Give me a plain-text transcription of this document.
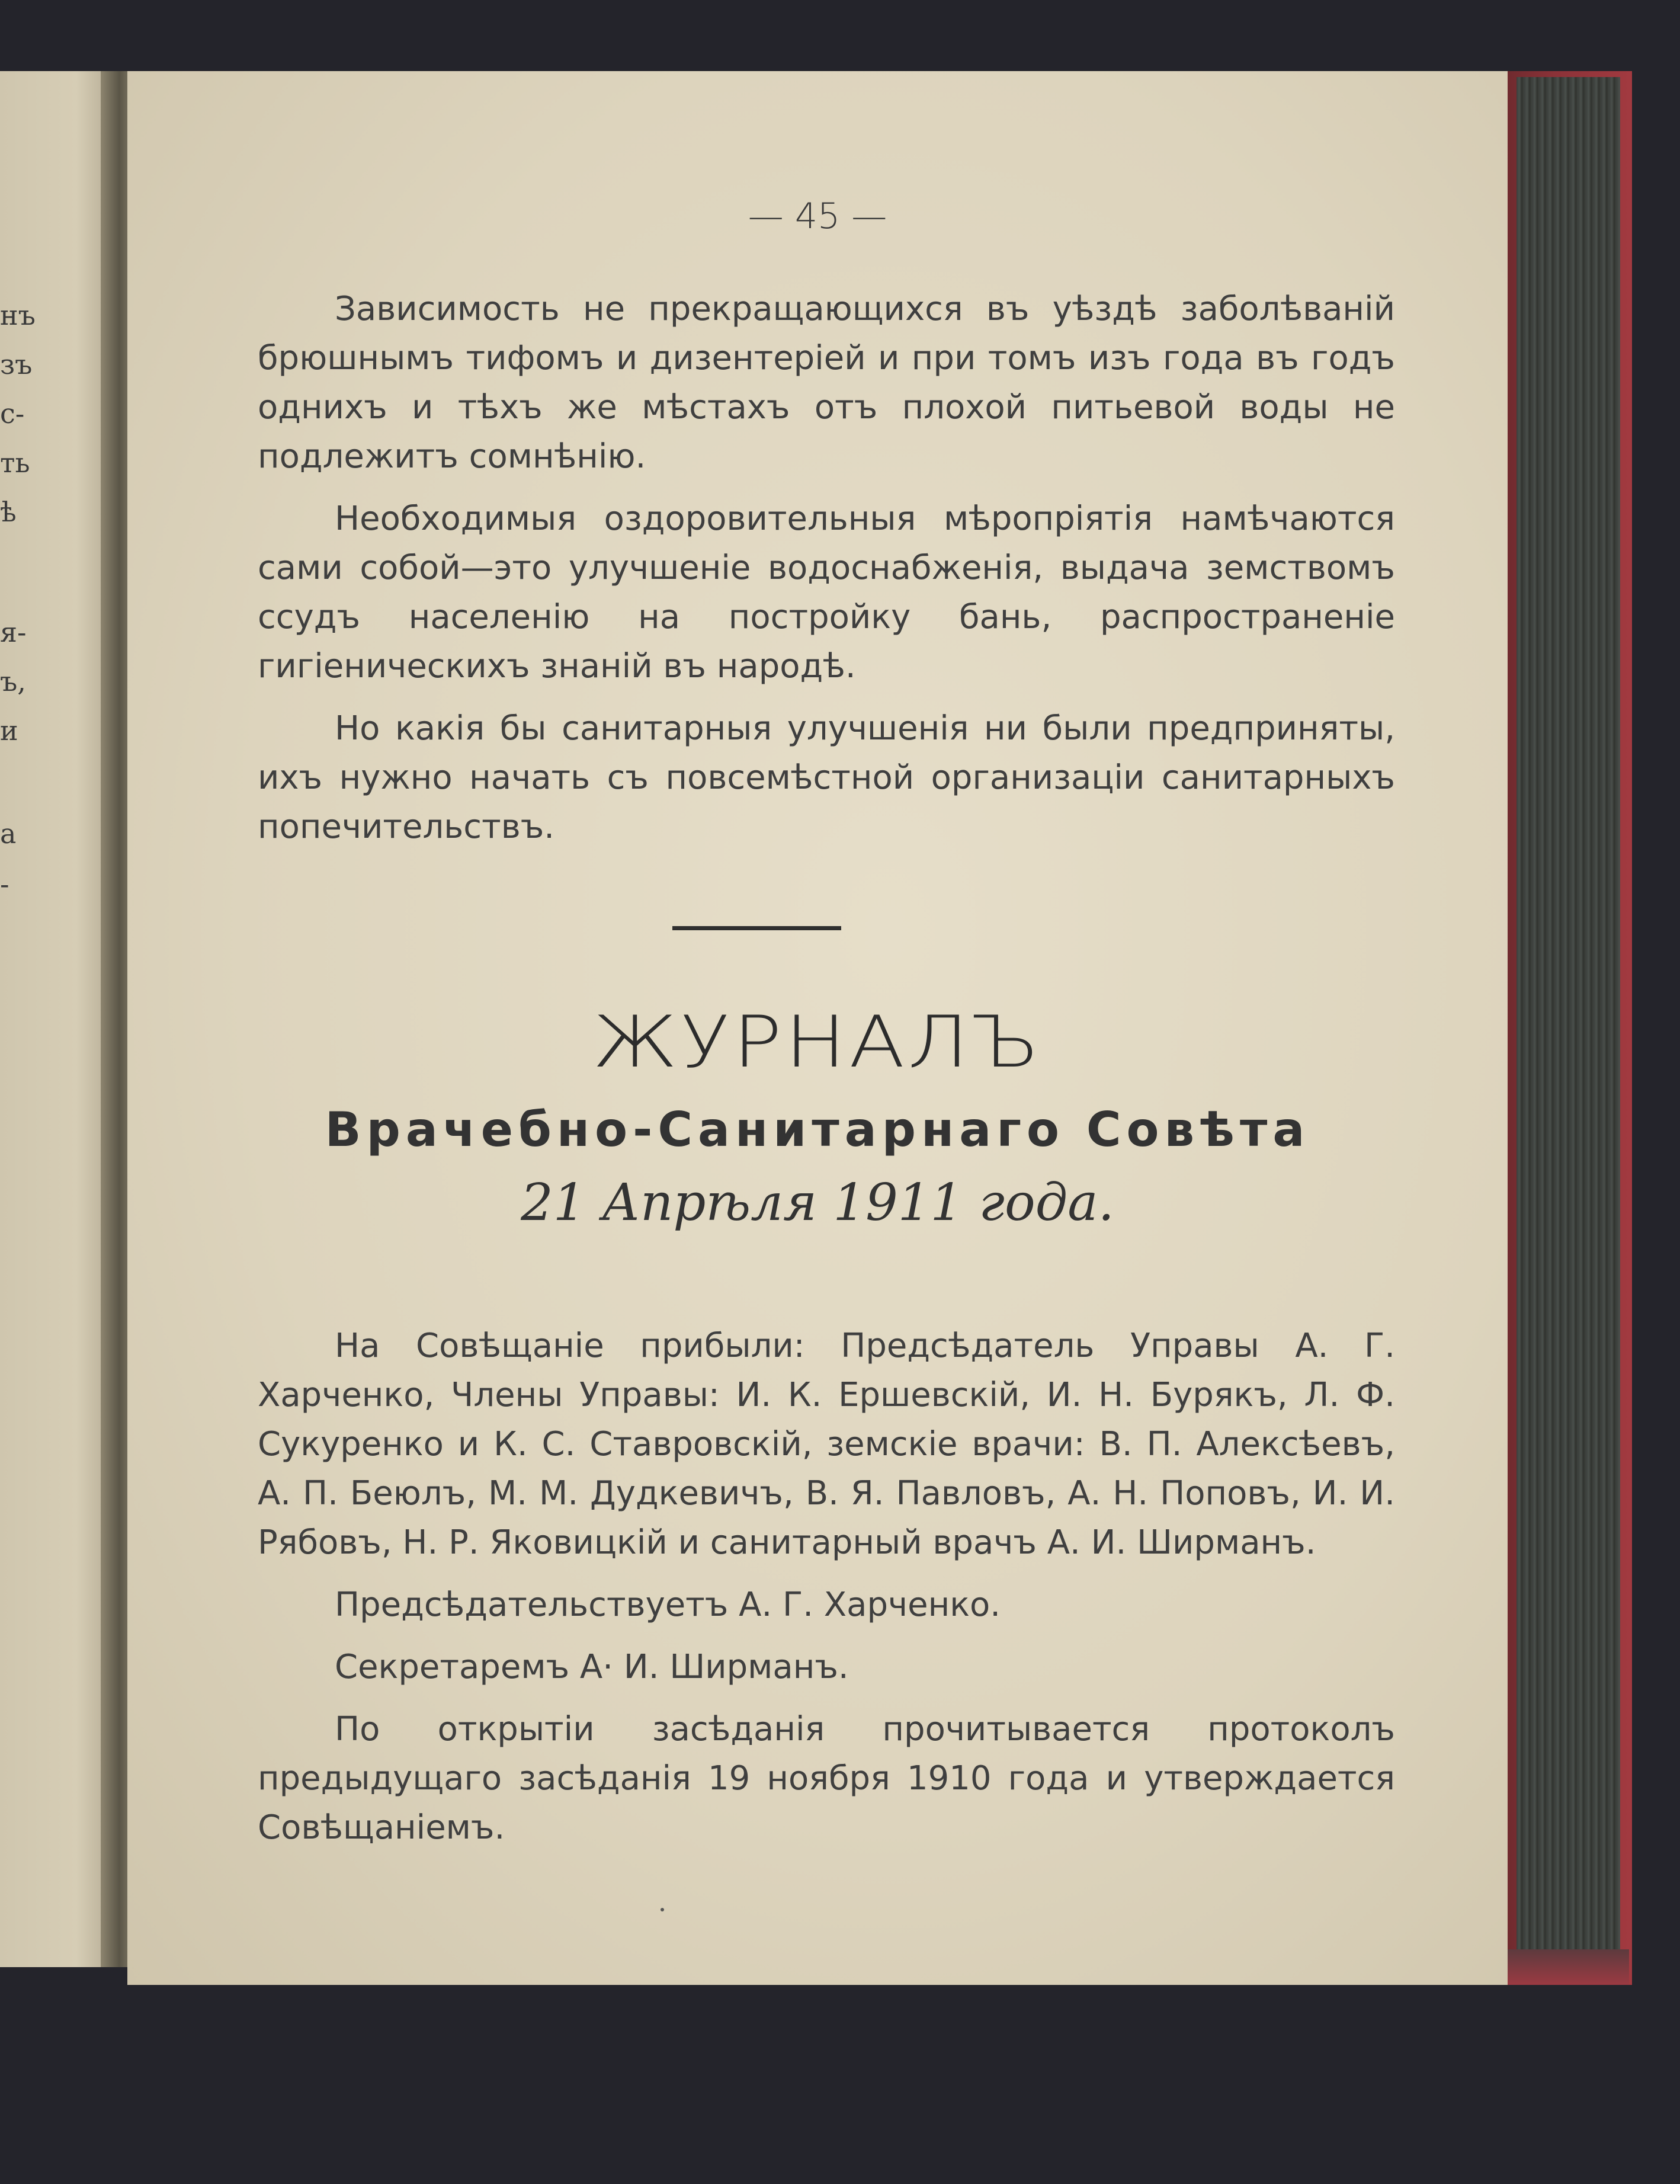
нъ
зъ
с-
ть
ѣ
я-
ъ,
и
а
-
— 45 —

Зависимость не прекращающихся въ уѣздѣ заболѣваній брюшнымъ тифомъ и дизентеріей и при томъ изъ года въ годъ однихъ и тѣхъ же мѣстахъ отъ плохой питьевой воды не подлежитъ сомнѣнію.

Необходимыя оздоровительныя мѣропріятія намѣчаются сами собой—это улучшеніе водоснабженія, выдача земствомъ ссудъ населенію на постройку бань, распространеніе гигіеническихъ знаній въ народѣ.

Но какія бы санитарныя улучшенія ни были предприняты, ихъ нужно начать съ повсемѣстной организаціи санитарныхъ попечительствъ.

ЖУРНАЛЪ
Врачебно-Санитарнаго Совѣта
21 Апрѣля 1911 года.

На Совѣщаніе прибыли: Предсѣдатель Управы А. Г. Харченко, Члены Управы: И. К. Ершевскій, И. Н. Бурякъ, Л. Ф. Сукуренко и К. С. Ставровскій, земскіе врачи: В. П. Алексѣевъ, А. П. Беюлъ, М. М. Дудкевичъ, В. Я. Павловъ, А. Н. Поповъ, И. И. Рябовъ, Н. Р. Яковицкій и санитарный врачъ А. И. Ширманъ.

Предсѣдательствуетъ А. Г. Харченко.

Секретаремъ А· И. Ширманъ.

По открытіи засѣданія прочитывается протоколъ предыдущаго засѣданія 19 ноября 1910 года и утверждается Совѣщаніемъ.
